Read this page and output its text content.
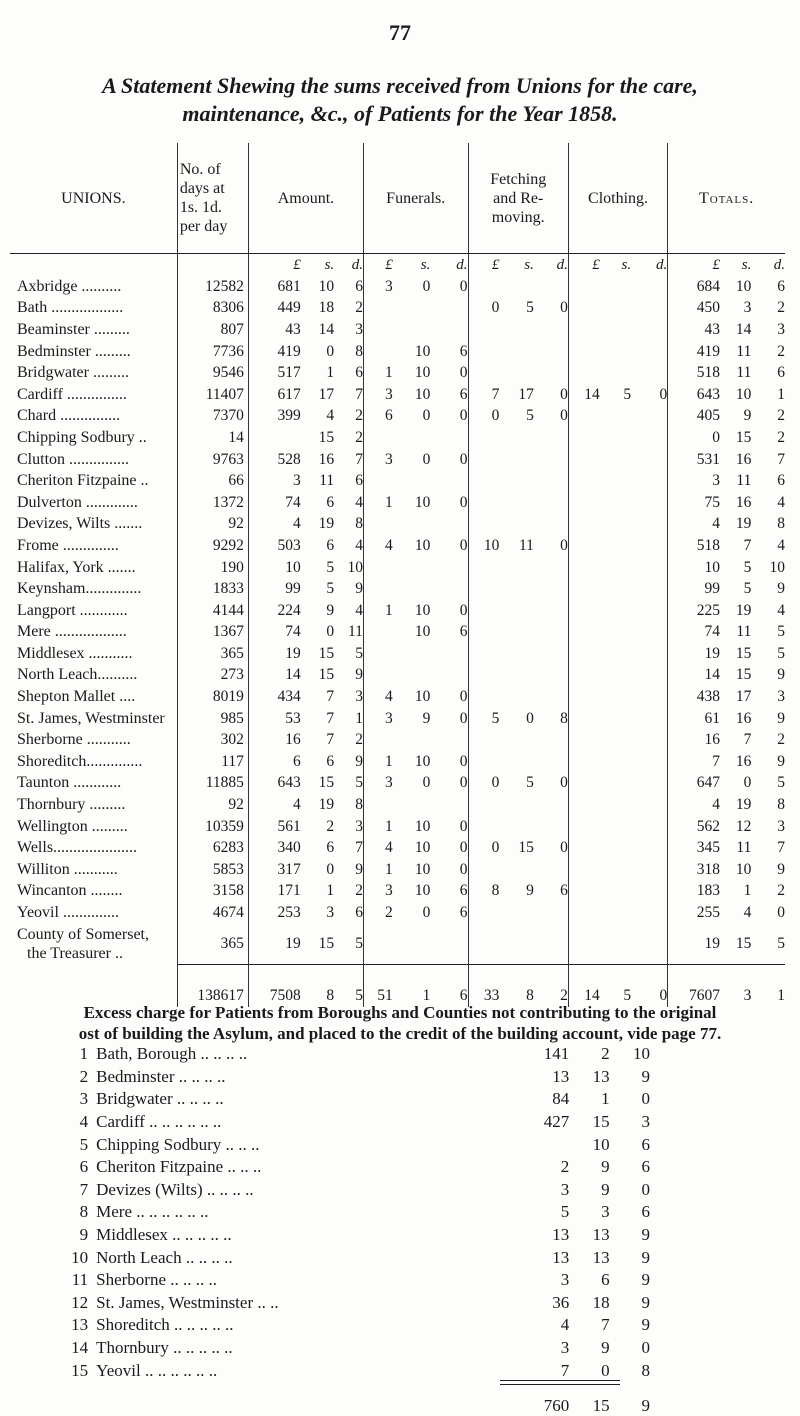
77
A Statement Shewing the sums received from Unions for the care,
maintenance, &c., of Patients for the Year 1858.
UNIONS.	No. of
days at
1s. 1d.
per day	Amount.			Funerals.			Fetching
and Re-
moving.			Clothing.			Totals.		
		£	s.	d.	£	s.	d.	£	s.	d.	£	s.	d.	£	s.	d.
Axbridge ..........	12582	681	10	6	3	0	0							684	10	6
Bath ..................	8306	449	18	2				0	5	0				450	3	2
Beaminster .........	807	43	14	3										43	14	3
Bedminster .........	7736	419	0	8		10	6							419	11	2
Bridgwater .........	9546	517	1	6	1	10	0							518	11	6
Cardiff ...............	11407	617	17	7	3	10	6	7	17	0	14	5	0	643	10	1
Chard ...............	7370	399	4	2	6	0	0	0	5	0				405	9	2
Chipping Sodbury ..	14		15	2										0	15	2
Clutton ...............	9763	528	16	7	3	0	0							531	16	7
Cheriton Fitzpaine ..	66	3	11	6										3	11	6
Dulverton .............	1372	74	6	4	1	10	0							75	16	4
Devizes, Wilts .......	92	4	19	8										4	19	8
Frome ..............	9292	503	6	4	4	10	0	10	11	0				518	7	4
Halifax, York .......	190	10	5	10										10	5	10
Keynsham..............	1833	99	5	9										99	5	9
Langport ............	4144	224	9	4	1	10	0							225	19	4
Mere ..................	1367	74	0	11		10	6							74	11	5
Middlesex ...........	365	19	15	5										19	15	5
North Leach..........	273	14	15	9										14	15	9
Shepton Mallet ....	8019	434	7	3	4	10	0							438	17	3
St. James, Westminster	985	53	7	1	3	9	0	5	0	8				61	16	9
Sherborne ...........	302	16	7	2										16	7	2
Shoreditch..............	117	6	6	9	1	10	0							7	16	9
Taunton ............	11885	643	15	5	3	0	0	0	5	0				647	0	5
Thornbury .........	92	4	19	8										4	19	8
Wellington .........	10359	561	2	3	1	10	0							562	12	3
Wells.....................	6283	340	6	7	4	10	0	0	15	0				345	11	7
Williton ...........	5853	317	0	9	1	10	0							318	10	9
Wincanton ........	3158	171	1	2	3	10	6	8	9	6				183	1	2
Yeovil ..............	4674	253	3	6	2	0	6							255	4	0
County of Somerset,
the Treasurer ..	365	19	15	5										19	15	5
	138617	7508	8	5	51	1	6	33	8	2	14	5	0	7607	3	1
Excess charge for Patients from Boroughs and Counties not contributing to the original
ost of building the Asylum, and placed to the credit of the building account, vide page 77.
1	Bath, Borough .. .. .. ..	141	2	10
2	Bedminster .. .. .. ..	13	13	9
3	Bridgwater .. .. .. ..	84	1	0
4	Cardiff .. .. .. .. .. ..	427	15	3
5	Chipping Sodbury .. .. ..		10	6
6	Cheriton Fitzpaine .. .. ..	2	9	6
7	Devizes (Wilts) .. .. .. ..	3	9	0
8	Mere .. .. .. .. .. ..	5	3	6
9	Middlesex .. .. .. .. ..	13	13	9
10	North Leach .. .. .. ..	13	13	9
11	Sherborne .. .. .. ..	3	6	9
12	St. James, Westminster .. ..	36	18	9
13	Shoreditch .. .. .. .. ..	4	7	9
14	Thornbury .. .. .. .. ..	3	9	0
15	Yeovil .. .. .. .. .. ..	7	0	8
		760	15	9
